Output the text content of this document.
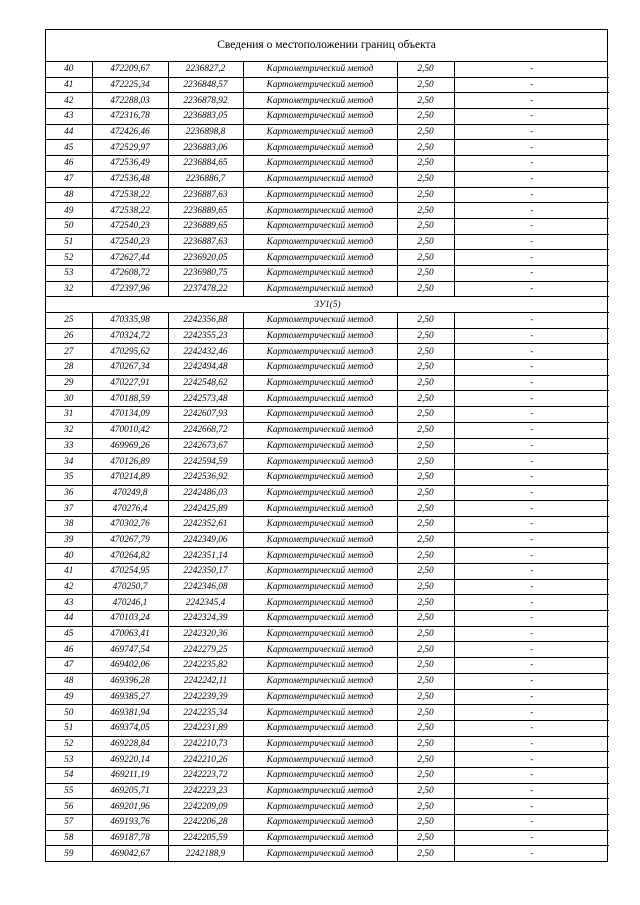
Сведения о местоположении границ объекта
40	472209,67	2236827,2	Картометрический метод	2,50	-
41	472225,34	2236848,57	Картометрический метод	2,50	-
42	472288,03	2236878,92	Картометрический метод	2,50	-
43	472316,78	2236883,05	Картометрический метод	2,50	-
44	472426,46	2236898,8	Картометрический метод	2,50	-
45	472529,97	2236883,06	Картометрический метод	2,50	-
46	472536,49	2236884,65	Картометрический метод	2,50	-
47	472536,48	2236886,7	Картометрический метод	2,50	-
48	472538,22	2236887,63	Картометрический метод	2,50	-
49	472538,22	2236889,65	Картометрический метод	2,50	-
50	472540,23	2236889,65	Картометрический метод	2,50	-
51	472540,23	2236887,63	Картометрический метод	2,50	-
52	472627,44	2236920,05	Картометрический метод	2,50	-
53	472608,72	2236980,75	Картометрический метод	2,50	-
32	472397,96	2237478,22	Картометрический метод	2,50	-
ЗУ1(5)					
25	470335,98	2242356,88	Картометрический метод	2,50	-
26	470324,72	2242355,23	Картометрический метод	2,50	-
27	470295,62	2242432,46	Картометрический метод	2,50	-
28	470267,34	2242494,48	Картометрический метод	2,50	-
29	470227,91	2242548,62	Картометрический метод	2,50	-
30	470188,59	2242573,48	Картометрический метод	2,50	-
31	470134,09	2242607,93	Картометрический метод	2,50	-
32	470010,42	2242668,72	Картометрический метод	2,50	-
33	469969,26	2242673,67	Картометрический метод	2,50	-
34	470126,89	2242594,59	Картометрический метод	2,50	-
35	470214,89	2242536,92	Картометрический метод	2,50	-
36	470249,8	2242486,03	Картометрический метод	2,50	-
37	470276,4	2242425,89	Картометрический метод	2,50	-
38	470302,76	2242352,61	Картометрический метод	2,50	-
39	470267,79	2242349,06	Картометрический метод	2,50	-
40	470264,82	2242351,14	Картометрический метод	2,50	-
41	470254,95	2242350,17	Картометрический метод	2,50	-
42	470250,7	2242346,08	Картометрический метод	2,50	-
43	470246,1	2242345,4	Картометрический метод	2,50	-
44	470103,24	2242324,39	Картометрический метод	2,50	-
45	470063,41	2242320,36	Картометрический метод	2,50	-
46	469747,54	2242279,25	Картометрический метод	2,50	-
47	469402,06	2242235,82	Картометрический метод	2,50	-
48	469396,28	2242242,11	Картометрический метод	2,50	-
49	469385,27	2242239,39	Картометрический метод	2,50	-
50	469381,94	2242235,34	Картометрический метод	2,50	-
51	469374,05	2242231,89	Картометрический метод	2,50	-
52	469228,84	2242210,73	Картометрический метод	2,50	-
53	469220,14	2242210,26	Картометрический метод	2,50	-
54	469211,19	2242223,72	Картометрический метод	2,50	-
55	469205,71	2242223,23	Картометрический метод	2,50	-
56	469201,96	2242209,09	Картометрический метод	2,50	-
57	469193,76	2242206,28	Картометрический метод	2,50	-
58	469187,78	2242205,59	Картометрический метод	2,50	-
59	469042,67	2242188,9	Картометрический метод	2,50	-
